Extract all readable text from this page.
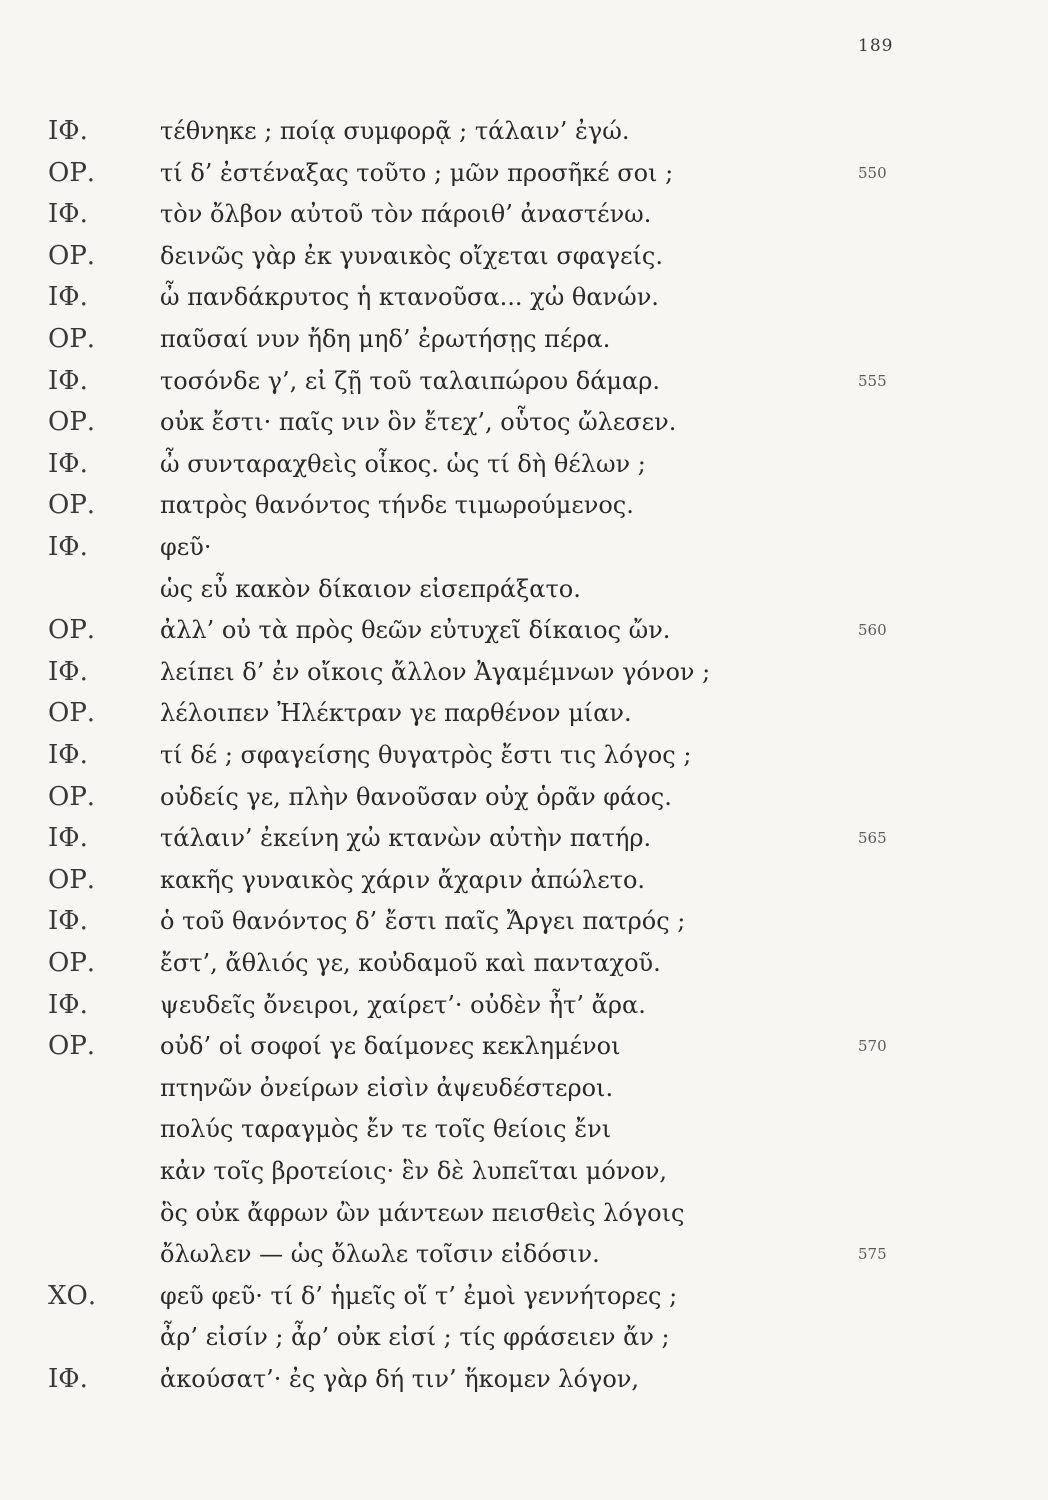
189
ΙΦ.	τέθνηκε ; ποίᾳ συμφορᾷ ; τάλαιν’ ἐγώ.
ΟΡ.	τί δ’ ἐστέναξας τοῦτο ; μῶν προσῆκέ σοι ;	550
ΙΦ.	τὸν ὄλβον αὐτοῦ τὸν πάροιθ’ ἀναστένω.
ΟΡ.	δεινῶς γὰρ ἐκ γυναικὸς οἴχεται σφαγείς.
ΙΦ.	ὦ πανδάκρυτος ἡ κτανοῦσα... χὠ θανών.
ΟΡ.	παῦσαί νυν ἤδη μηδ’ ἐρωτήσῃς πέρα.
ΙΦ.	τοσόνδε γ’, εἰ ζῇ τοῦ ταλαιπώρου δάμαρ.	555
ΟΡ.	οὐκ ἔστι· παῖς νιν ὃν ἔτεχ’, οὗτος ὤλεσεν.
ΙΦ.	ὦ συνταραχθεὶς οἶκος. ὡς τί δὴ θέλων ;
ΟΡ.	πατρὸς θανόντος τήνδε τιμωρούμενος.
ΙΦ.	φεῦ·
ὡς εὖ κακὸν δίκαιον εἰσεπράξατο.
ΟΡ.	ἀλλ’ οὐ τὰ πρὸς θεῶν εὐτυχεῖ δίκαιος ὤν.	560
ΙΦ.	λείπει δ’ ἐν οἴκοις ἄλλον Ἀγαμέμνων γόνον ;
ΟΡ.	λέλοιπεν Ἠλέκτραν γε παρθένον μίαν.
ΙΦ.	τί δέ ; σφαγείσης θυγατρὸς ἔστι τις λόγος ;
ΟΡ.	οὐδείς γε, πλὴν θανοῦσαν οὐχ ὁρᾶν φάος.
ΙΦ.	τάλαιν’ ἐκείνη χὠ κτανὼν αὐτὴν πατήρ.	565
ΟΡ.	κακῆς γυναικὸς χάριν ἄχαριν ἀπώλετο.
ΙΦ.	ὁ τοῦ θανόντος δ’ ἔστι παῖς Ἄργει πατρός ;
ΟΡ.	ἔστ’, ἄθλιός γε, κοὐδαμοῦ καὶ πανταχοῦ.
ΙΦ.	ψευδεῖς ὄνειροι, χαίρετ’· οὐδὲν ἦτ’ ἄρα.
ΟΡ.	οὐδ’ οἱ σοφοί γε δαίμονες κεκλημένοι	570
πτηνῶν ὀνείρων εἰσὶν ἀψευδέστεροι.
πολύς ταραγμὸς ἔν τε τοῖς θείοις ἔνι
κἀν τοῖς βροτείοις· ἓν δὲ λυπεῖται μόνον,
ὃς οὐκ ἄφρων ὢν μάντεων πεισθεὶς λόγοις
ὄλωλεν — ὡς ὄλωλε τοῖσιν εἰδόσιν.	575
ΧΟ.	φεῦ φεῦ· τί δ’ ἡμεῖς οἵ τ’ ἐμοὶ γεννήτορες ;
ἆρ’ εἰσίν ; ἆρ’ οὐκ εἰσί ; τίς φράσειεν ἄν ;
ΙΦ.	ἀκούσατ’· ἐς γὰρ δή τιν’ ἥκομεν λόγον,
